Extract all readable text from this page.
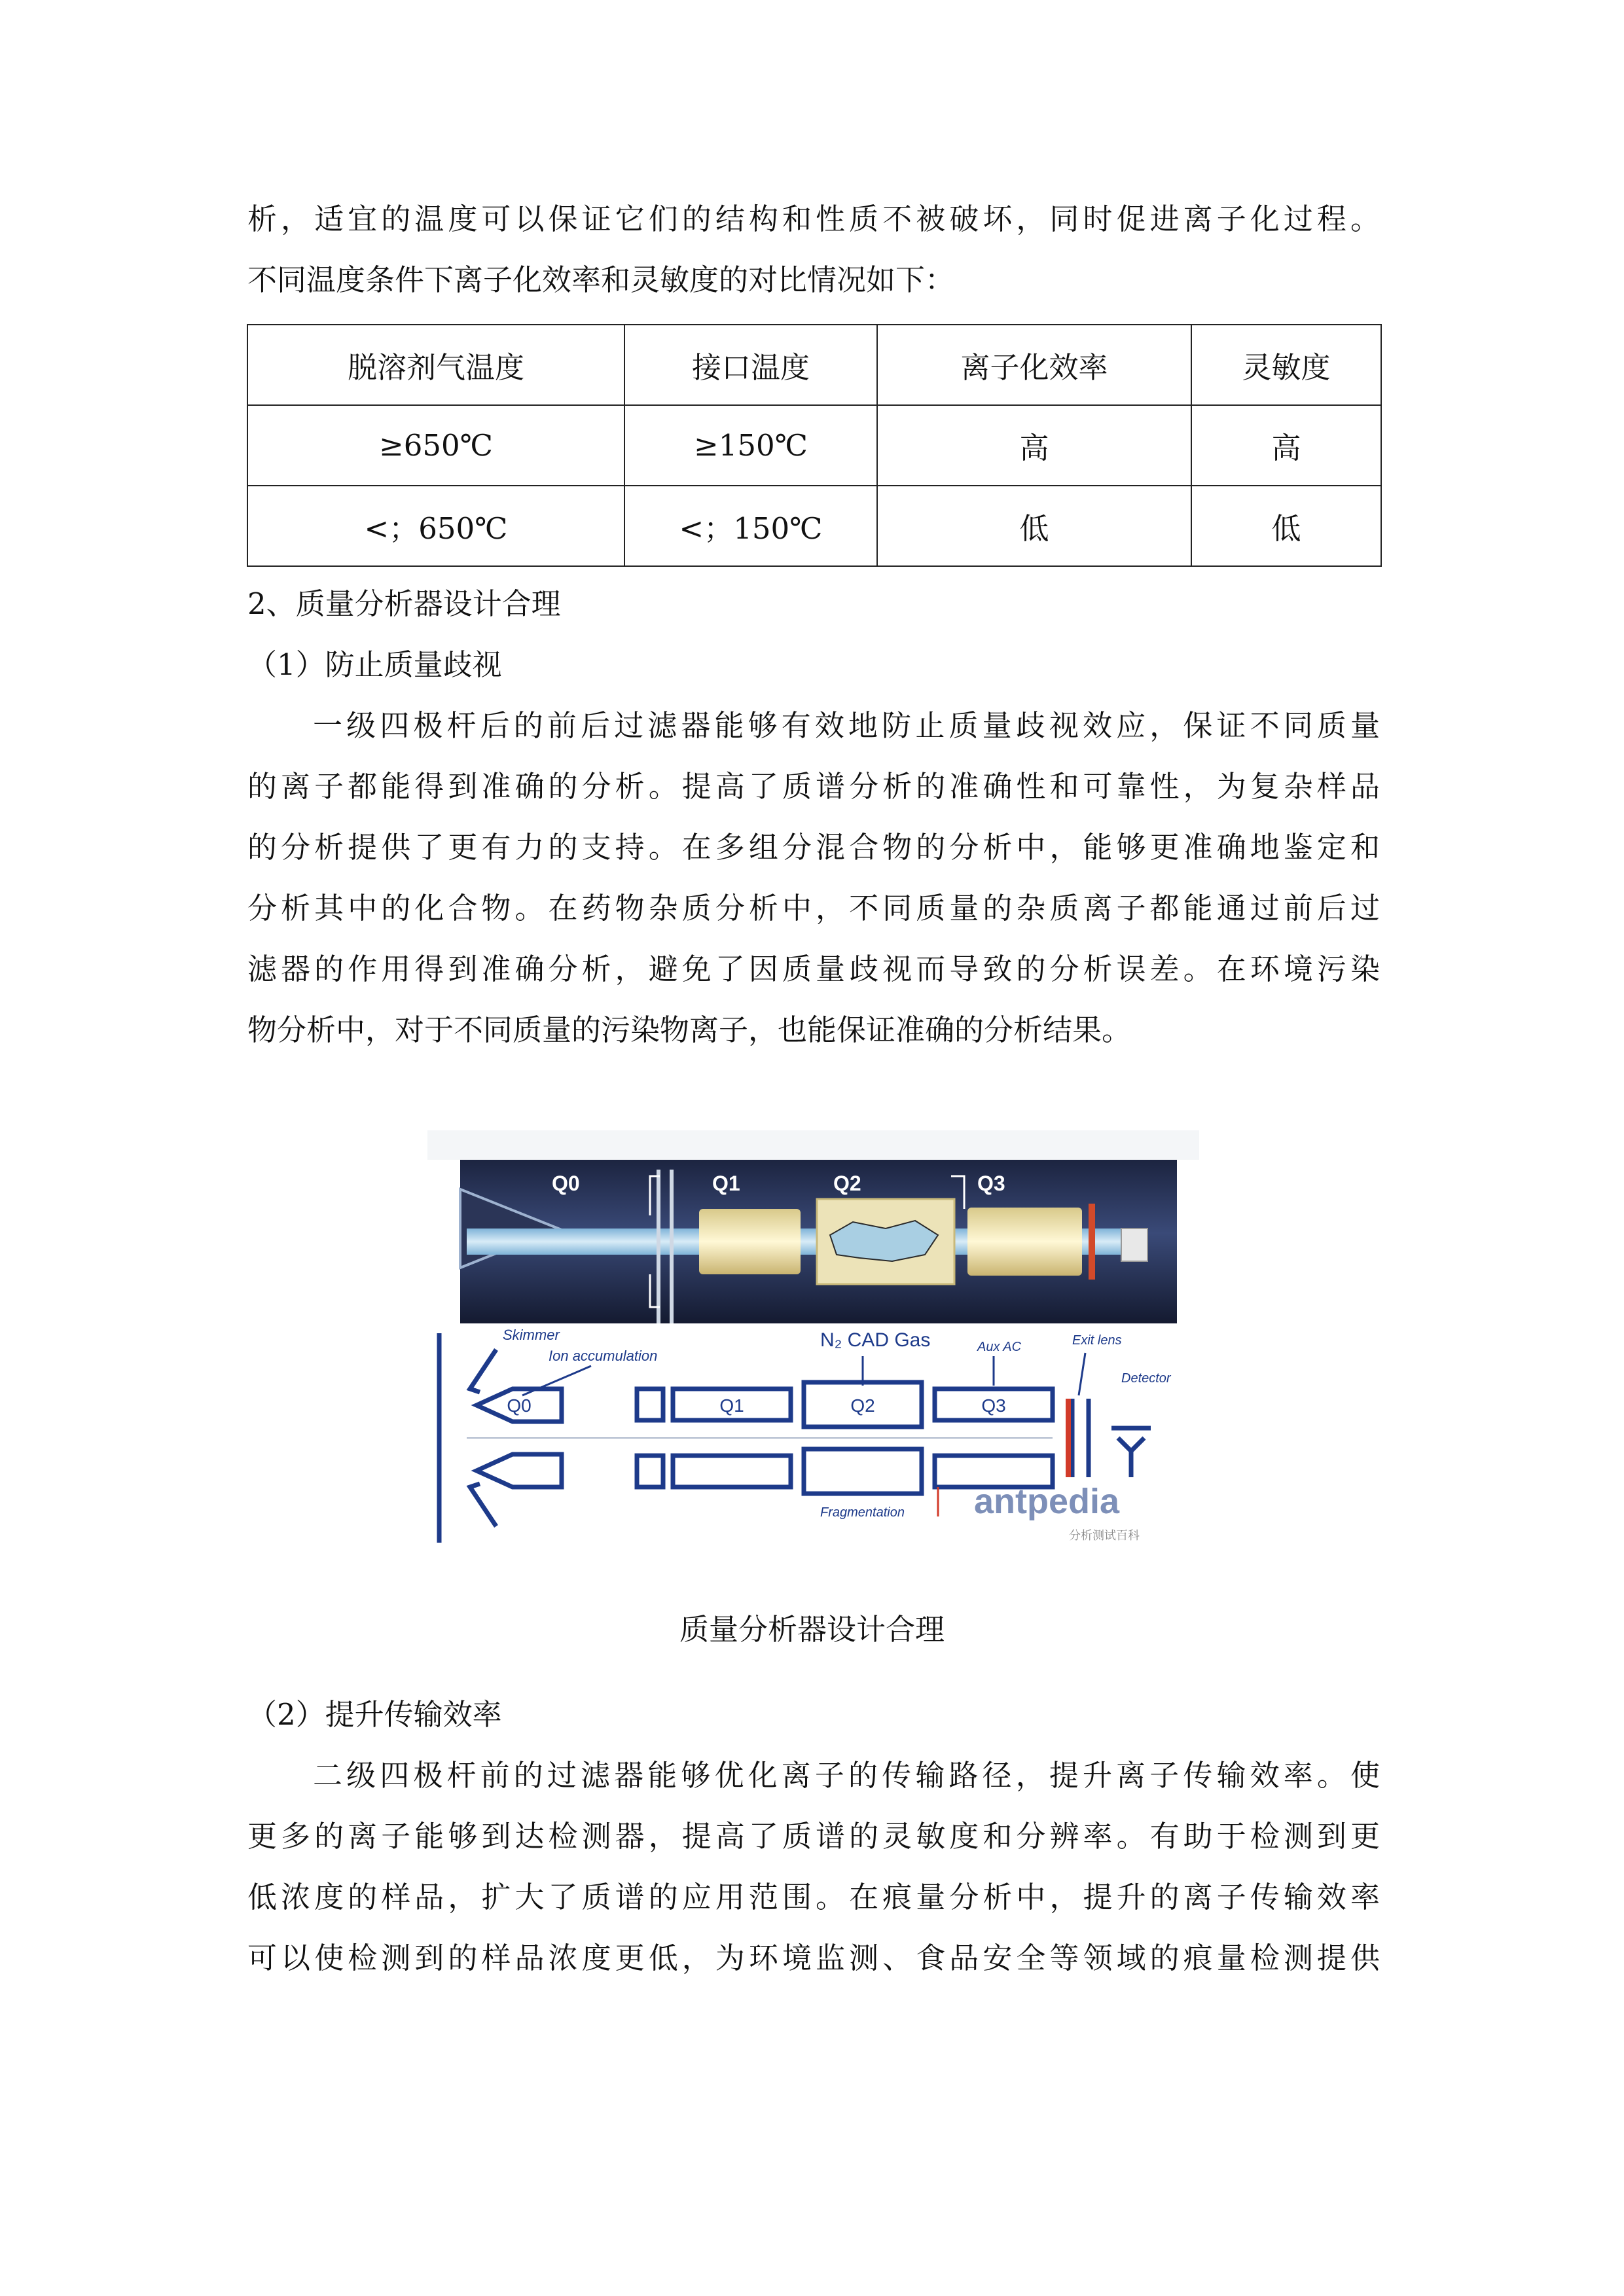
析，适宜的温度可以保证它们的结构和性质不被破坏，同时促进离子化过程。
不同温度条件下离子化效率和灵敏度的对比情况如下：
脱溶剂气温度	接口温度	离子化效率	灵敏度
≥650℃	≥150℃	高	高
<；650℃	<；150℃	低	低
2、质量分析器设计合理
（1）防止质量歧视
一级四极杆后的前后过滤器能够有效地防止质量歧视效应，保证不同质量
的离子都能得到准确的分析。提高了质谱分析的准确性和可靠性，为复杂样品
的分析提供了更有力的支持。在多组分混合物的分析中，能够更准确地鉴定和
分析其中的化合物。在药物杂质分析中，不同质量的杂质离子都能通过前后过
滤器的作用得到准确分析，避免了因质量歧视而导致的分析误差。在环境污染
物分析中，对于不同质量的污染物离子，也能保证准确的分析结果。
Q0	Q1	Q2	Q3
Skimmer
Ion accumulation
N₂ CAD Gas	Aux AC	Exit lens
Detector
Fragmentation
Q0	Q1	Q2	Q3
antpedia
分析测试百科
质量分析器设计合理
（2）提升传输效率
二级四极杆前的过滤器能够优化离子的传输路径，提升离子传输效率。使
更多的离子能够到达检测器，提高了质谱的灵敏度和分辨率。有助于检测到更
低浓度的样品，扩大了质谱的应用范围。在痕量分析中，提升的离子传输效率
可以使检测到的样品浓度更低，为环境监测、食品安全等领域的痕量检测提供
